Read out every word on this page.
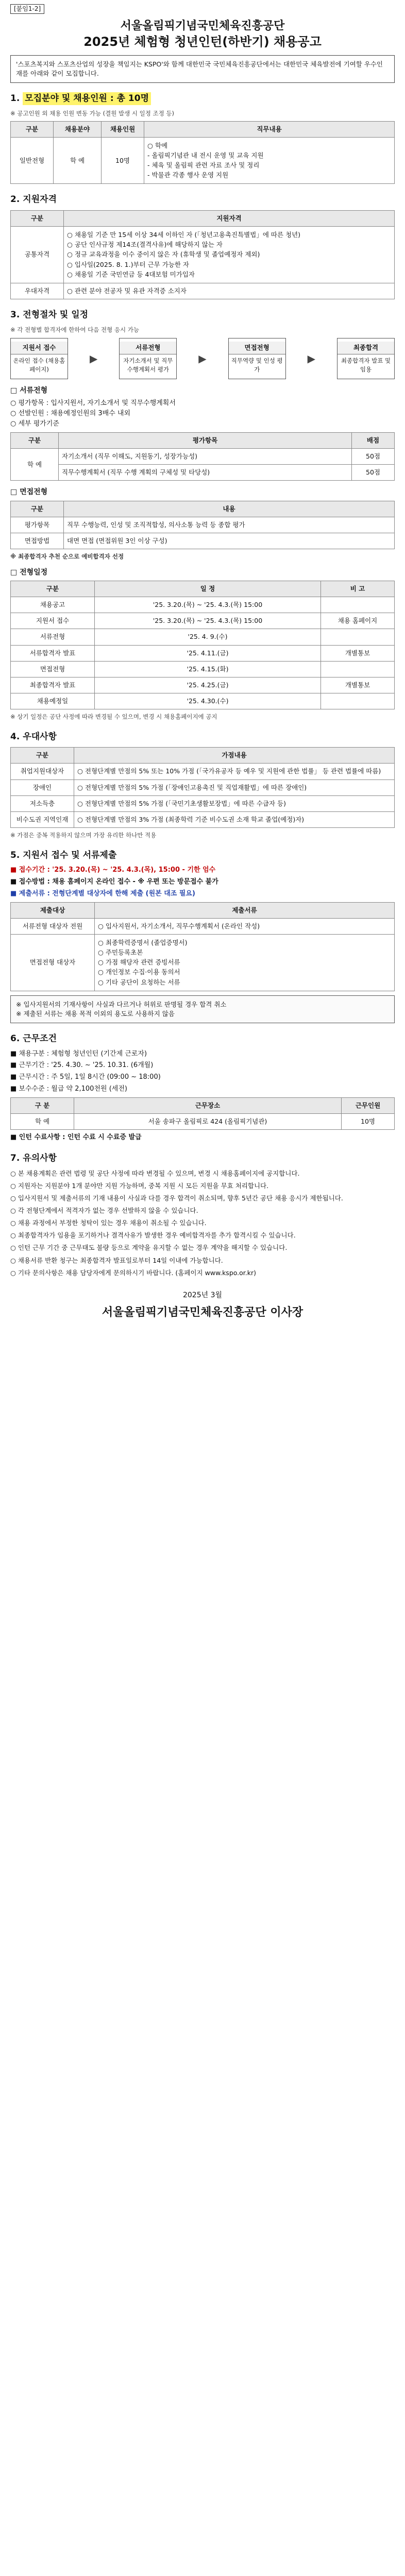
[붙임1-2]
서울올림픽기념국민체육진흥공단
2025년 체험형 청년인턴(하반기) 채용공고
'스포츠복지와 스포츠산업의 성장을 책임지는 KSPO'와 함께 대한민국 국민체육진흥공단에서는 대한민국 체육발전에 기여할 우수인재를 아래와 같이 모집합니다.
1. 모집분야 및 채용인원 : 총 10명
※ 공고인원 외 채용 인원 변동 가능 (결원 발생 시 일정 조정 등)
구분	채용분야	채용인원	직무내용
일반전형	학 예	10명	○ 학예
- 올림픽기념관 내 전시 운영 및 교육 지원
- 체육 및 올림픽 관련 자료 조사 및 정리
- 박물관 각종 행사 운영 지원
2. 지원자격
구분	지원자격
공통자격	○ 채용일 기준 만 15세 이상 34세 이하인 자 (「청년고용촉진특별법」에 따른 청년)
○ 공단 인사규정 제14조(결격사유)에 해당하지 않는 자
○ 정규 교육과정을 이수 중이지 않은 자 (휴학생 및 졸업예정자 제외)
○ 입사일(2025. 8. 1.)부터 근무 가능한 자
○ 채용일 기준 국민연금 등 4대보험 미가입자

우대자격	○ 관련 분야 전공자 및 유관 자격증 소지자
3. 전형절차 및 일정
※ 각 전형별 합격자에 한하여 다음 전형 응시 가능
지원서 접수
온라인 접수 (채용홈페이지)
▶
서류전형
자기소개서 및 직무수행계획서 평가
▶
면접전형
직무역량 및 인성 평가
▶
최종합격
최종합격자 발표 및 임용
□ 서류전형
○ 평가항목 : 입사지원서, 자기소개서 및 직무수행계획서
○ 선발인원 : 채용예정인원의 3배수 내외
○ 세부 평가기준
구분	평가항목	배점
학 예	자기소개서 (직무 이해도, 지원동기, 성장가능성)	50점
	직무수행계획서 (직무 수행 계획의 구체성 및 타당성)	50점
□ 면접전형
구분	내용
평가항목	직무 수행능력, 인성 및 조직적합성, 의사소통 능력 등 종합 평가
면접방법	대면 면접 (면접위원 3인 이상 구성)
※ 최종합격자 추천 순으로 예비합격자 선정
□ 전형일정
구분	일 정	비 고
채용공고	'25. 3.20.(목) ~ '25. 4.3.(목) 15:00	
지원서 접수	'25. 3.20.(목) ~ '25. 4.3.(목) 15:00	채용 홈페이지
서류전형	'25. 4. 9.(수)	
서류합격자 발표	'25. 4.11.(금)	개별통보
면접전형	'25. 4.15.(화)	
최종합격자 발표	'25. 4.25.(금)	개별통보
채용예정일	'25. 4.30.(수)	
※ 상기 일정은 공단 사정에 따라 변경될 수 있으며, 변경 시 채용홈페이지에 공지
4. 우대사항
구분	가점내용
취업지원대상자	○ 전형단계별 만점의 5% 또는 10% 가점 (「국가유공자 등 예우 및 지원에 관한 법률」 등 관련 법률에 따름)
장애인	○ 전형단계별 만점의 5% 가점 (「장애인고용촉진 및 직업재활법」에 따른 장애인)
저소득층	○ 전형단계별 만점의 5% 가점 (「국민기초생활보장법」에 따른 수급자 등)
비수도권 지역인재	○ 전형단계별 만점의 3% 가점 (최종학력 기준 비수도권 소재 학교 졸업(예정)자)
※ 가점은 중복 적용하지 않으며 가장 유리한 하나만 적용
5. 지원서 접수 및 서류제출
■ 접수기간 : '25. 3.20.(목) ~ '25. 4.3.(목), 15:00 - 기한 엄수
■ 접수방법 : 채용 홈페이지 온라인 접수 - ※ 우편 또는 방문접수 불가
■ 제출서류 : 전형단계별 대상자에 한해 제출 (원본 대조 필요)
제출대상	제출서류
서류전형 대상자 전원	○ 입사지원서, 자기소개서, 직무수행계획서 (온라인 작성)
면접전형 대상자	○ 최종학력증명서 (졸업증명서)
○ 주민등록초본
○ 가점 해당자 관련 증빙서류
○ 개인정보 수집·이용 동의서
○ 기타 공단이 요청하는 서류
※ 입사지원서의 기재사항이 사실과 다르거나 허위로 판명될 경우 합격 취소
※ 제출된 서류는 채용 목적 이외의 용도로 사용하지 않음
6. 근무조건
■ 채용구분 : 체험형 청년인턴 (기간제 근로자)
■ 근무기간 : '25. 4.30. ~ '25. 10.31. (6개월)
■ 근무시간 : 주 5일, 1일 8시간 (09:00 ~ 18:00)
■ 보수수준 : 월급 약 2,100천원 (세전)
구 분	근무장소	근무인원
학 예	서울 송파구 올림픽로 424 (올림픽기념관)	10명
■ 인턴 수료사항 : 인턴 수료 시 수료증 발급
7. 유의사항
○ 본 채용계획은 관련 법령 및 공단 사정에 따라 변경될 수 있으며, 변경 시 채용홈페이지에 공지합니다.
○ 지원자는 지원분야 1개 분야만 지원 가능하며, 중복 지원 시 모든 지원을 무효 처리합니다.
○ 입사지원서 및 제출서류의 기재 내용이 사실과 다를 경우 합격이 취소되며, 향후 5년간 공단 채용 응시가 제한됩니다.
○ 각 전형단계에서 적격자가 없는 경우 선발하지 않을 수 있습니다.
○ 채용 과정에서 부정한 청탁이 있는 경우 채용이 취소될 수 있습니다.
○ 최종합격자가 임용을 포기하거나 결격사유가 발생한 경우 예비합격자를 추가 합격시킬 수 있습니다.
○ 인턴 근무 기간 중 근무태도 불량 등으로 계약을 유지할 수 없는 경우 계약을 해지할 수 있습니다.
○ 채용서류 반환 청구는 최종합격자 발표일로부터 14일 이내에 가능합니다.
○ 기타 문의사항은 채용 담당자에게 문의하시기 바랍니다. (홈페이지 www.kspo.or.kr)
2025년 3월
서울올림픽기념국민체육진흥공단 이사장
